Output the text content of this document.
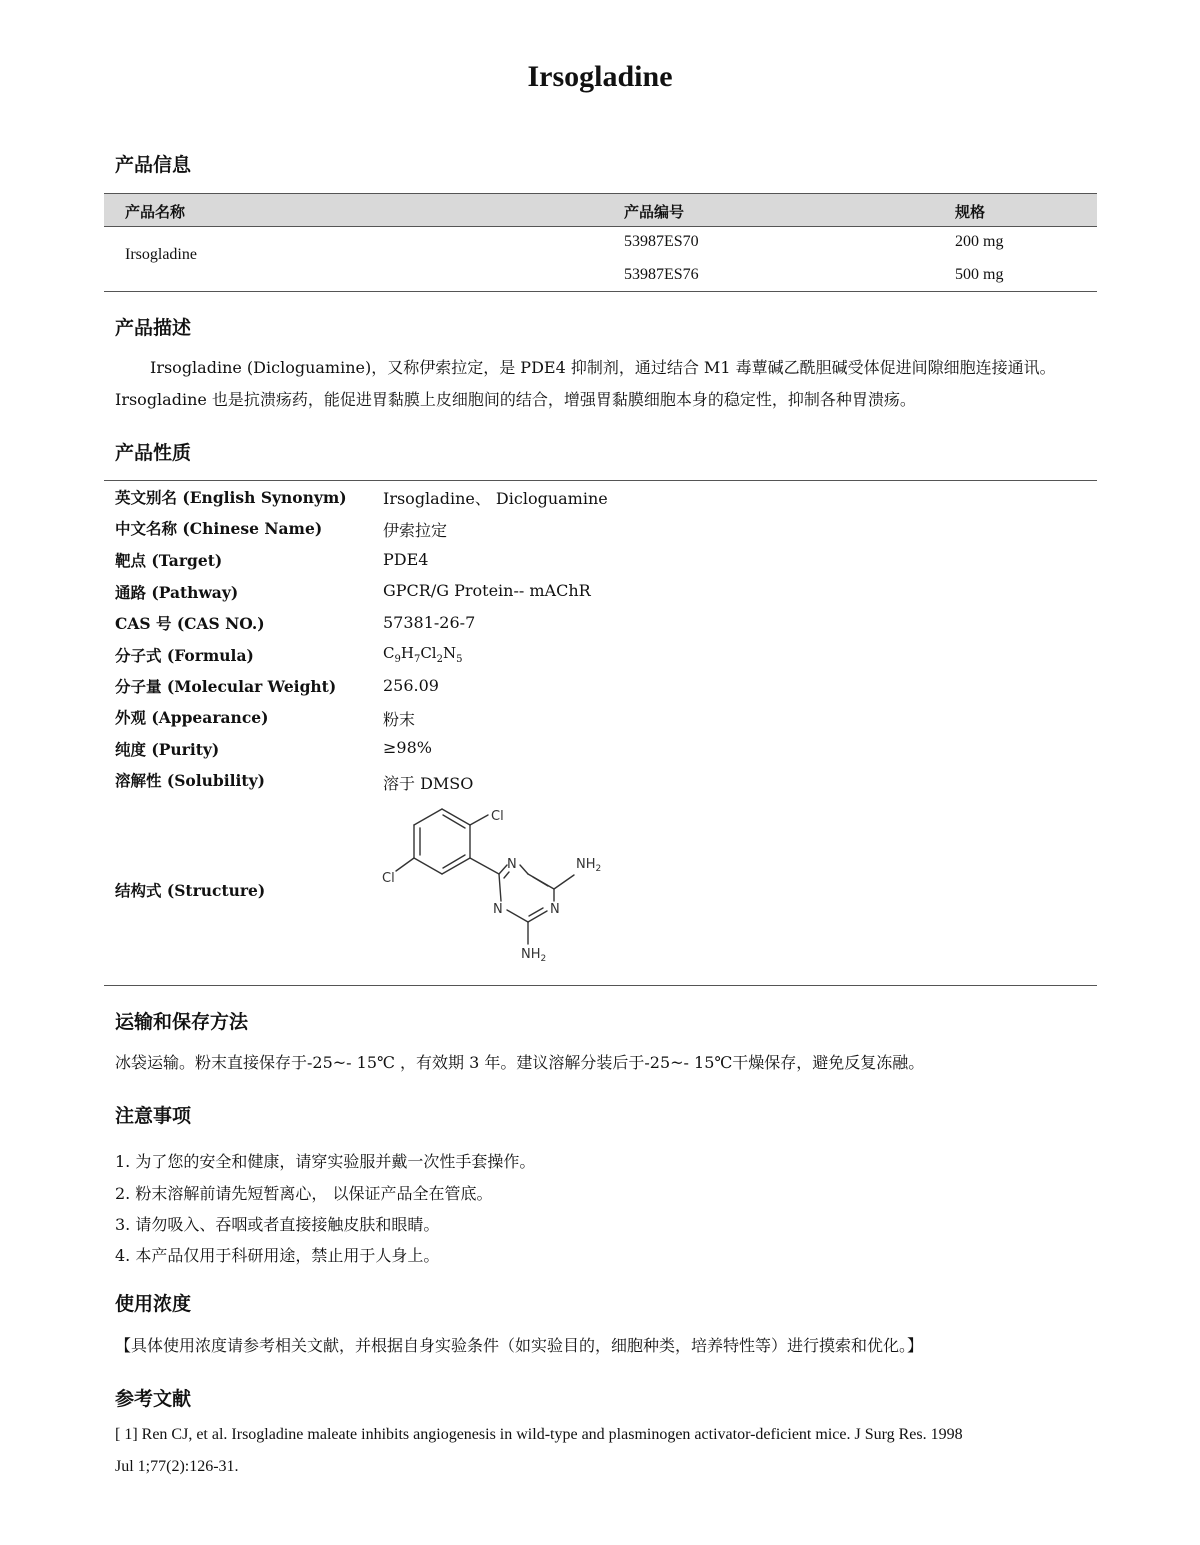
Irsogladine
产品信息
产品名称	产品编号	规格
Irsogladine
53987ES70	200 mg
53987ES76	500 mg
产品描述
Irsogladine (Dicloguamine)，又称伊索拉定，是 PDE4 抑制剂，通过结合 M1 毒蕈碱乙酰胆碱受体促进间隙细胞连接通讯。
Irsogladine 也是抗溃疡药，能促进胃黏膜上皮细胞间的结合，增强胃黏膜细胞本身的稳定性，抑制各种胃溃疡。
产品性质
英文别名 (English Synonym) Irsogladine、 Dicloguamine
中文名称 (Chinese Name)	伊索拉定
靶点 (Target)	PDE4
通路 (Pathway)	GPCR/G Protein-- mAChR
CAS 号 (CAS NO.)	57381-26-7
分子式 (Formula)	$C_9H_7Cl_2N_5$
分子量 (Molecular Weight)	256.09
外观 (Appearance)	粉末
纯度 (Purity)	≥98%
溶解性 (Solubility)	溶于 DMSO
结构式 (Structure)
Cl
Cl
N
N
N
$NH_2$
$NH_2$
运输和保存方法
冰袋运输。粉末直接保存于-25~- 15℃ ，有效期 3 年。建议溶解分装后于-25~- 15℃干燥保存，避免反复冻融。
注意事项
1. 为了您的安全和健康，请穿实验服并戴一次性手套操作。
2. 粉末溶解前请先短暂离心， 以保证产品全在管底。
3. 请勿吸入、吞咽或者直接接触皮肤和眼睛。
4. 本产品仅用于科研用途，禁止用于人身上。
使用浓度
【具体使用浓度请参考相关文献，并根据自身实验条件（如实验目的，细胞种类，培养特性等）进行摸索和优化。】
参考文献
[ 1] Ren CJ, et al. Irsogladine maleate inhibits angiogenesis in wild-type and plasminogen activator-deficient mice. J Surg Res. 1998
Jul 1;77(2):126-31.
